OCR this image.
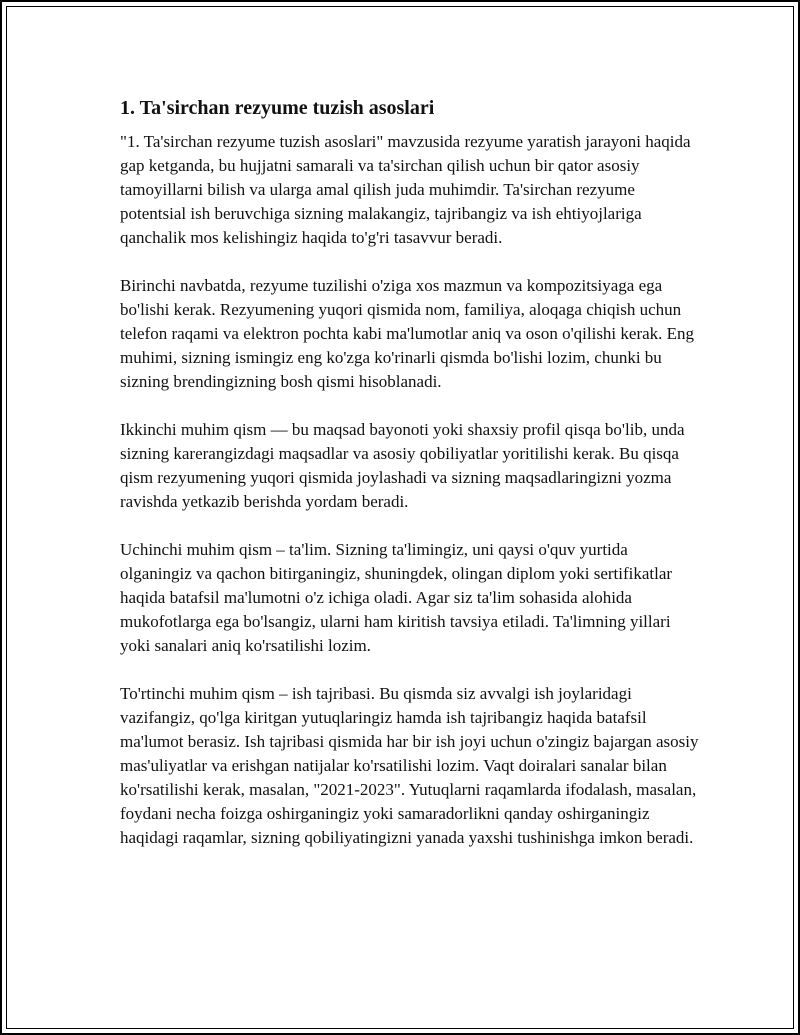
1. Ta'sirchan rezyume tuzish asoslari

"1. Ta'sirchan rezyume tuzish asoslari" mavzusida rezyume yaratish jarayoni haqida gap ketganda, bu hujjatni samarali va ta'sirchan qilish uchun bir qator asosiy tamoyillarni bilish va ularga amal qilish juda muhimdir. Ta'sirchan rezyume potentsial ish beruvchiga sizning malakangiz, tajribangiz va ish ehtiyojlariga qanchalik mos kelishingiz haqida to'g'ri tasavvur beradi.

Birinchi navbatda, rezyume tuzilishi o'ziga xos mazmun va kompozitsiyaga ega bo'lishi kerak. Rezyumening yuqori qismida nom, familiya, aloqaga chiqish uchun telefon raqami va elektron pochta kabi ma'lumotlar aniq va oson o'qilishi kerak. Eng muhimi, sizning ismingiz eng ko'zga ko'rinarli qismda bo'lishi lozim, chunki bu sizning brendingizning bosh qismi hisoblanadi.

Ikkinchi muhim qism — bu maqsad bayonoti yoki shaxsiy profil qisqa bo'lib, unda sizning karerangizdagi maqsadlar va asosiy qobiliyatlar yoritilishi kerak. Bu qisqa qism rezyumening yuqori qismida joylashadi va sizning maqsadlaringizni yozma ravishda yetkazib berishda yordam beradi.

Uchinchi muhim qism – ta'lim. Sizning ta'limingiz, uni qaysi o'quv yurtida olganingiz va qachon bitirganingiz, shuningdek, olingan diplom yoki sertifikatlar haqida batafsil ma'lumotni o'z ichiga oladi. Agar siz ta'lim sohasida alohida mukofotlarga ega bo'lsangiz, ularni ham kiritish tavsiya etiladi. Ta'limning yillari yoki sanalari aniq ko'rsatilishi lozim.

To'rtinchi muhim qism – ish tajribasi. Bu qismda siz avvalgi ish joylaridagi vazifangiz, qo'lga kiritgan yutuqlaringiz hamda ish tajribangiz haqida batafsil ma'lumot berasiz. Ish tajribasi qismida har bir ish joyi uchun o'zingiz bajargan asosiy mas'uliyatlar va erishgan natijalar ko'rsatilishi lozim. Vaqt doiralari sanalar bilan ko'rsatilishi kerak, masalan, "2021-2023". Yutuqlarni raqamlarda ifodalash, masalan, foydani necha foizga oshirganingiz yoki samaradorlikni qanday oshirganingiz haqidagi raqamlar, sizning qobiliyatingizni yanada yaxshi tushinishga imkon beradi.
